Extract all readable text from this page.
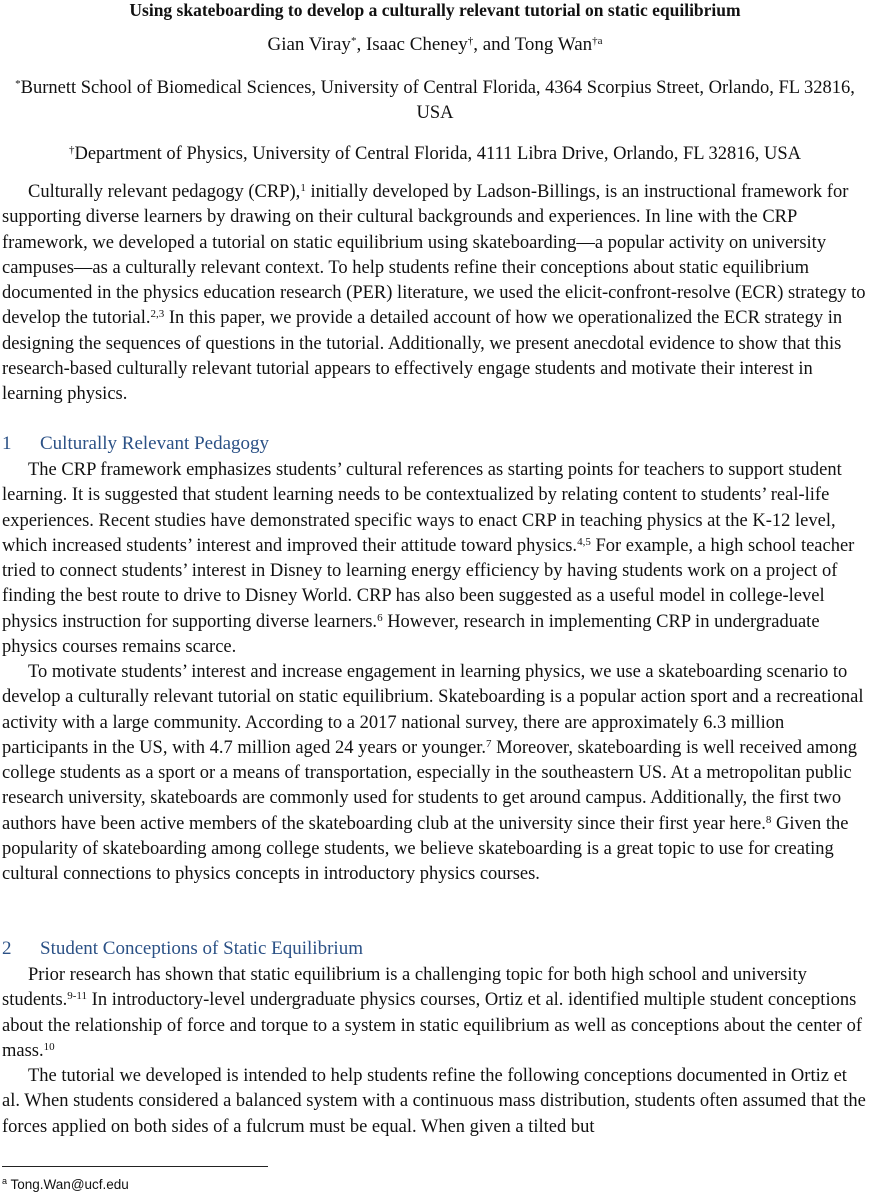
Using skateboarding to develop a culturally relevant tutorial on static equilibrium
Gian Viray*, Isaac Cheney†, and Tong Wan$^{\dagger a}$
*Burnett School of Biomedical Sciences, University of Central Florida, 4364 Scorpius Street, Orlando, FL 32816, USA
†Department of Physics, University of Central Florida, 4111 Libra Drive, Orlando, FL 32816, USA

Culturally relevant pedagogy (CRP),$^1$ initially developed by Ladson-Billings, is an instructional framework for supporting diverse learners by drawing on their cultural backgrounds and experiences. In line with the CRP framework, we developed a tutorial on static equilibrium using skateboarding—a popular activity on university campuses—as a culturally relevant context. To help students refine their conceptions about static equilibrium documented in the physics education research (PER) literature, we used the elicit-confront-resolve (ECR) strategy to develop the tutorial.$^{2,3}$ In this paper, we provide a detailed account of how we operationalized the ECR strategy in designing the sequences of questions in the tutorial. Additionally, we present anecdotal evidence to show that this research-based culturally relevant tutorial appears to effectively engage students and motivate their interest in learning physics.

1 Culturally Relevant Pedagogy

The CRP framework emphasizes students’ cultural references as starting points for teachers to support student learning. It is suggested that student learning needs to be contextualized by relating content to students’ real-life experiences. Recent studies have demonstrated specific ways to enact CRP in teaching physics at the K-12 level, which increased students’ interest and improved their attitude toward physics.$^{4,5}$ For example, a high school teacher tried to connect students’ interest in Disney to learning energy efficiency by having students work on a project of finding the best route to drive to Disney World. CRP has also been suggested as a useful model in college-level physics instruction for supporting diverse learners.$^6$ However, research in implementing CRP in undergraduate physics courses remains scarce.

To motivate students’ interest and increase engagement in learning physics, we use a skateboarding scenario to develop a culturally relevant tutorial on static equilibrium. Skateboarding is a popular action sport and a recreational activity with a large community. According to a 2017 national survey, there are approximately 6.3 million participants in the US, with 4.7 million aged 24 years or younger.$^7$ Moreover, skateboarding is well received among college students as a sport or a means of transportation, especially in the southeastern US. At a metropolitan public research university, skateboards are commonly used for students to get around campus. Additionally, the first two authors have been active members of the skateboarding club at the university since their first year here.$^8$ Given the popularity of skateboarding among college students, we believe skateboarding is a great topic to use for creating cultural connections to physics concepts in introductory physics courses.

2 Student Conceptions of Static Equilibrium

Prior research has shown that static equilibrium is a challenging topic for both high school and university students.$^{9-11}$ In introductory-level undergraduate physics courses, Ortiz et al. identified multiple student conceptions about the relationship of force and torque to a system in static equilibrium as well as conceptions about the center of mass.$^{10}$

The tutorial we developed is intended to help students refine the following conceptions documented in Ortiz et al. When students considered a balanced system with a continuous mass distribution, students often assumed that the forces applied on both sides of a fulcrum must be equal. When given a tilted but

$^a$ Tong.Wan@ucf.edu
